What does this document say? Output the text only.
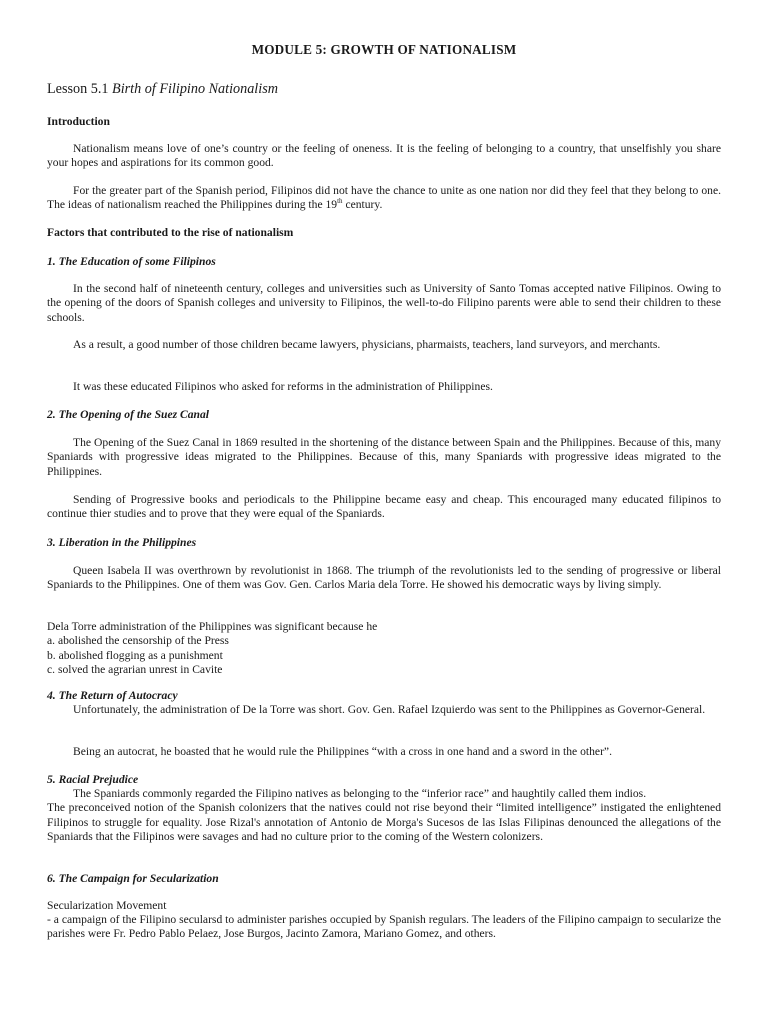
MODULE 5: GROWTH OF NATIONALISM
Lesson 5.1 Birth of Filipino Nationalism
Introduction

Nationalism means love of one’s country or the feeling of oneness. It is the feeling of belonging to a country, that unselfishly you share your hopes and aspirations for its common good.

For the greater part of the Spanish period, Filipinos did not have the chance to unite as one nation nor did they feel that they belong to one. The ideas of nationalism reached the Philippines during the 19th century.

Factors that contributed to the rise of nationalism
1. The Education of some Filipinos

In the second half of nineteenth century, colleges and universities such as University of Santo Tomas accepted native Filipinos. Owing to the opening of the doors of Spanish colleges and university to Filipinos, the well-to-do Filipino parents were able to send their children to these schools.

As a result, a good number of those children became lawyers, physicians, pharmaists, teachers, land surveyors, and merchants.

It was these educated Filipinos who asked for reforms in the administration of Philippines.

2. The Opening of the Suez Canal

The Opening of the Suez Canal in 1869 resulted in the shortening of the distance between Spain and the Philippines. Because of this, many Spaniards with progressive ideas migrated to the Philippines. Because of this, many Spaniards with progressive ideas migrated to the Philippines.

Sending of Progressive books and periodicals to the Philippine became easy and cheap. This encouraged many educated filipinos to continue thier studies and to prove that they were equal of the Spaniards.

3. Liberation in the Philippines

Queen Isabela II was overthrown by revolutionist in 1868. The triumph of the revolutionists led to the sending of progressive or liberal Spaniards to the Philippines. One of them was Gov. Gen. Carlos Maria dela Torre. He showed his democratic ways by living simply.

Dela Torre administration of the Philippines was significant because he
a. abolished the censorship of the Press
b. abolished flogging as a punishment
c. solved the agrarian unrest in Cavite
4. The Return of Autocracy

Unfortunately, the administration of De la Torre was short. Gov. Gen. Rafael Izquierdo was sent to the Philippines as Governor-General.

Being an autocrat, he boasted that he would rule the Philippines “with a cross in one hand and a sword in the other”.

5. Racial Prejudice
The Spaniards commonly regarded the Filipino natives as belonging to the “inferior race” and haughtily called them indios.
The preconceived notion of the Spanish colonizers that the natives could not rise beyond their “limited intelligence” instigated the enlightened Filipinos to struggle for equality. Jose Rizal's annotation of Antonio de Morga's Sucesos de las Islas Filipinas denounced the allegations of the Spaniards that the Filipinos were savages and had no culture prior to the coming of the Western colonizers.
6. The Campaign for Secularization
Secularization Movement

- a campaign of the Filipino secularsd to administer parishes occupied by Spanish regulars. The leaders of the Filipino campaign to secularize the parishes were Fr. Pedro Pablo Pelaez, Jose Burgos, Jacinto Zamora, Mariano Gomez, and others.
